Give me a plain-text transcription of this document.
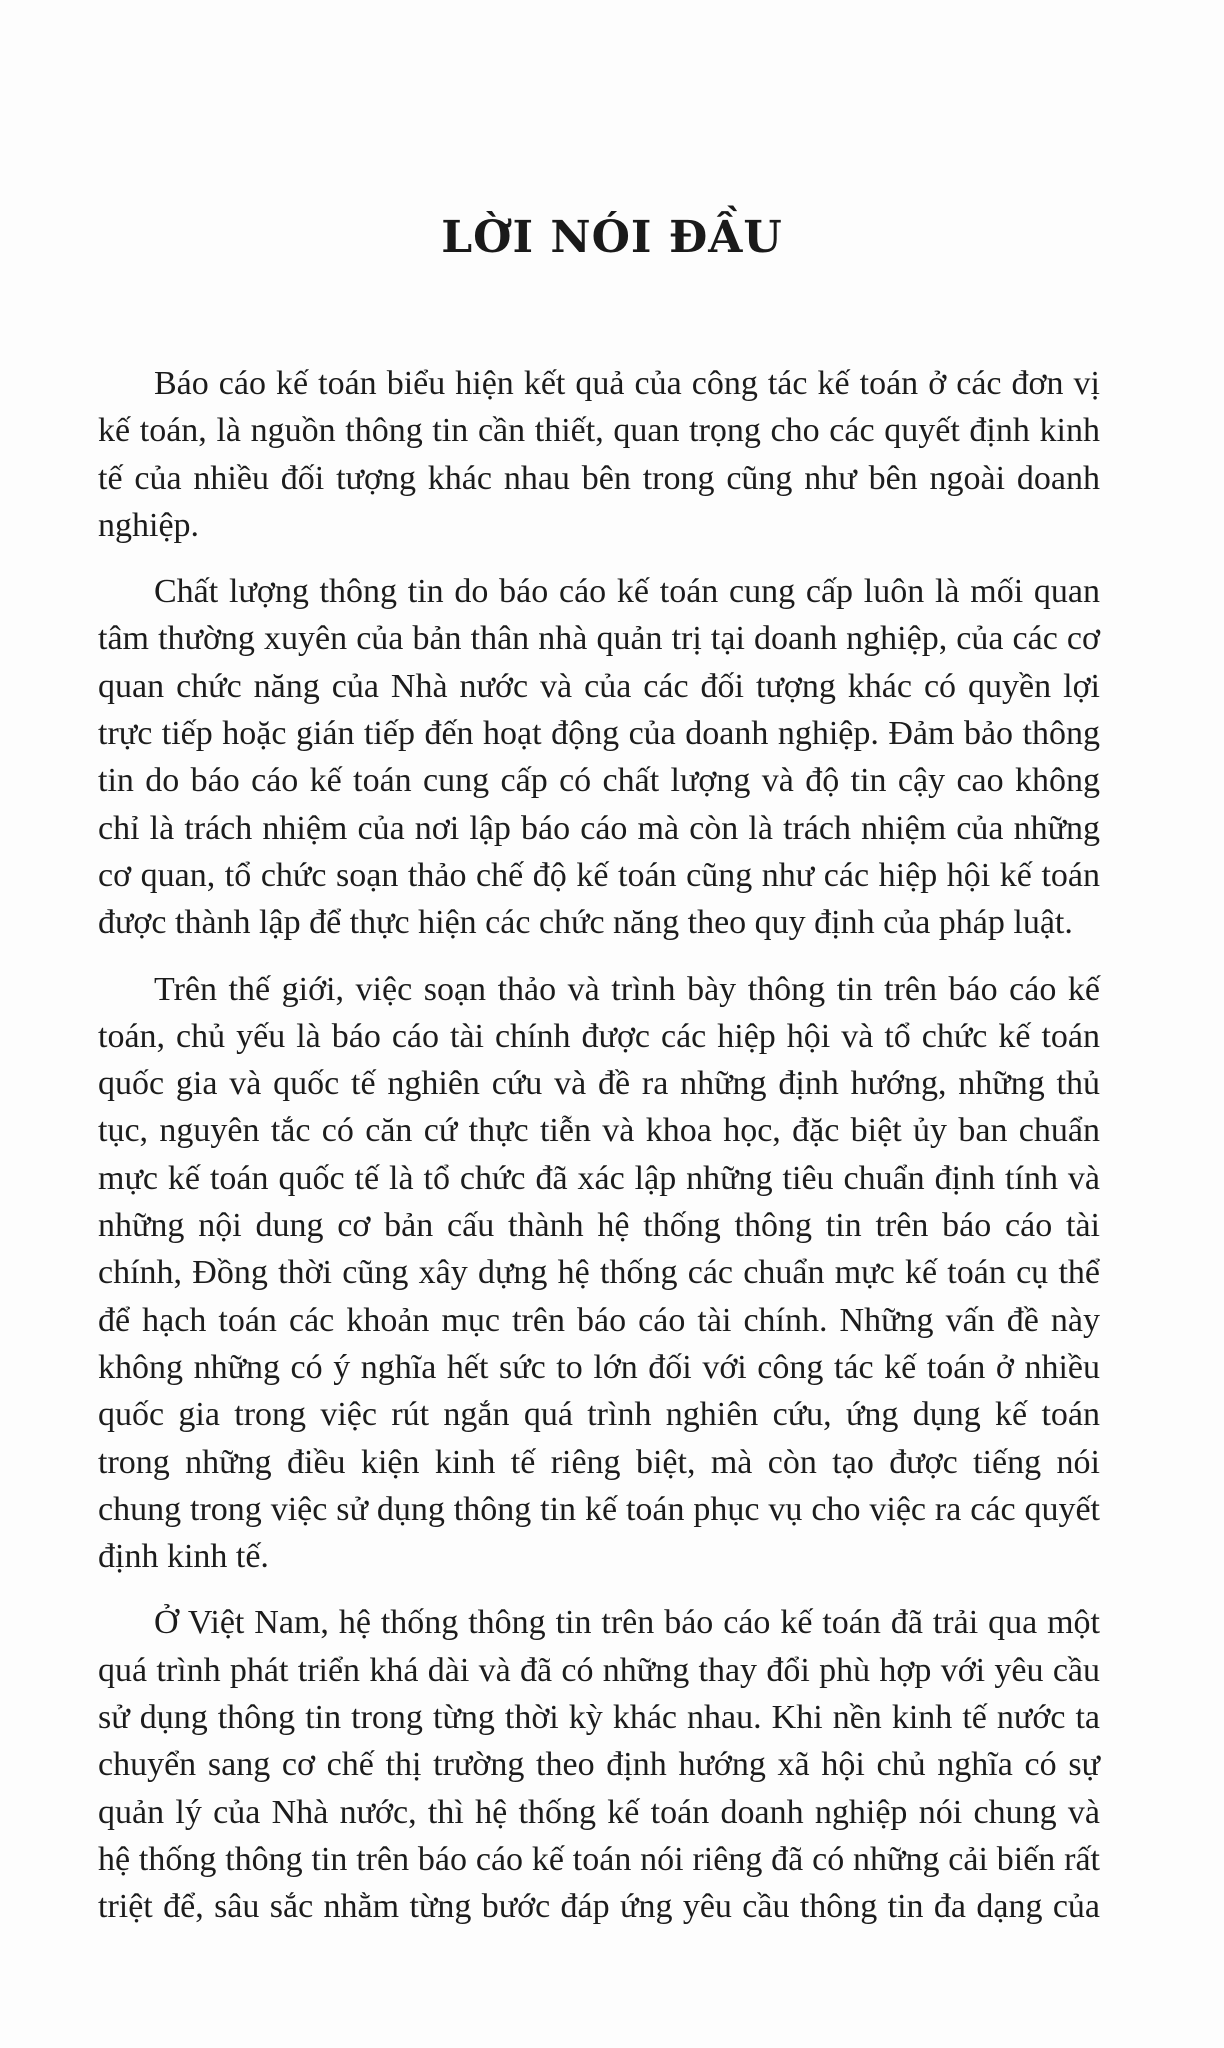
LỜI NÓI ĐẦU

Báo cáo kế toán biểu hiện kết quả của công tác kế toán ở các đơn vị kế toán, là nguồn thông tin cần thiết, quan trọng cho các quyết định kinh tế của nhiều đối tượng khác nhau bên trong cũng như bên ngoài doanh nghiệp.

Chất lượng thông tin do báo cáo kế toán cung cấp luôn là mối quan tâm thường xuyên của bản thân nhà quản trị tại doanh nghiệp, của các cơ quan chức năng của Nhà nước và của các đối tượng khác có quyền lợi trực tiếp hoặc gián tiếp đến hoạt động của doanh nghiệp. Đảm bảo thông tin do báo cáo kế toán cung cấp có chất lượng và độ tin cậy cao không chỉ là trách nhiệm của nơi lập báo cáo mà còn là trách nhiệm của những cơ quan, tổ chức soạn thảo chế độ kế toán cũng như các hiệp hội kế toán được thành lập để thực hiện các chức năng theo quy định của pháp luật.

Trên thế giới, việc soạn thảo và trình bày thông tin trên báo cáo kế toán, chủ yếu là báo cáo tài chính được các hiệp hội và tổ chức kế toán quốc gia và quốc tế nghiên cứu và đề ra những định hướng, những thủ tục, nguyên tắc có căn cứ thực tiễn và khoa học, đặc biệt ủy ban chuẩn mực kế toán quốc tế là tổ chức đã xác lập những tiêu chuẩn định tính và những nội dung cơ bản cấu thành hệ thống thông tin trên báo cáo tài chính, Đồng thời cũng xây dựng hệ thống các chuẩn mực kế toán cụ thể để hạch toán các khoản mục trên báo cáo tài chính. Những vấn đề này không những có ý nghĩa hết sức to lớn đối với công tác kế toán ở nhiều quốc gia trong việc rút ngắn quá trình nghiên cứu, ứng dụng kế toán trong những điều kiện kinh tế riêng biệt, mà còn tạo được tiếng nói chung trong việc sử dụng thông tin kế toán phục vụ cho việc ra các quyết định kinh tế.

Ở Việt Nam, hệ thống thông tin trên báo cáo kế toán đã trải qua một quá trình phát triển khá dài và đã có những thay đổi phù hợp với yêu cầu sử dụng thông tin trong từng thời kỳ khác nhau. Khi nền kinh tế nước ta chuyển sang cơ chế thị trường theo định hướng xã hội chủ nghĩa có sự quản lý của Nhà nước, thì hệ thống kế toán doanh nghiệp nói chung và hệ thống thông tin trên báo cáo kế toán nói riêng đã có những cải biến rất triệt để, sâu sắc nhằm từng bước đáp ứng yêu cầu thông tin đa dạng của
